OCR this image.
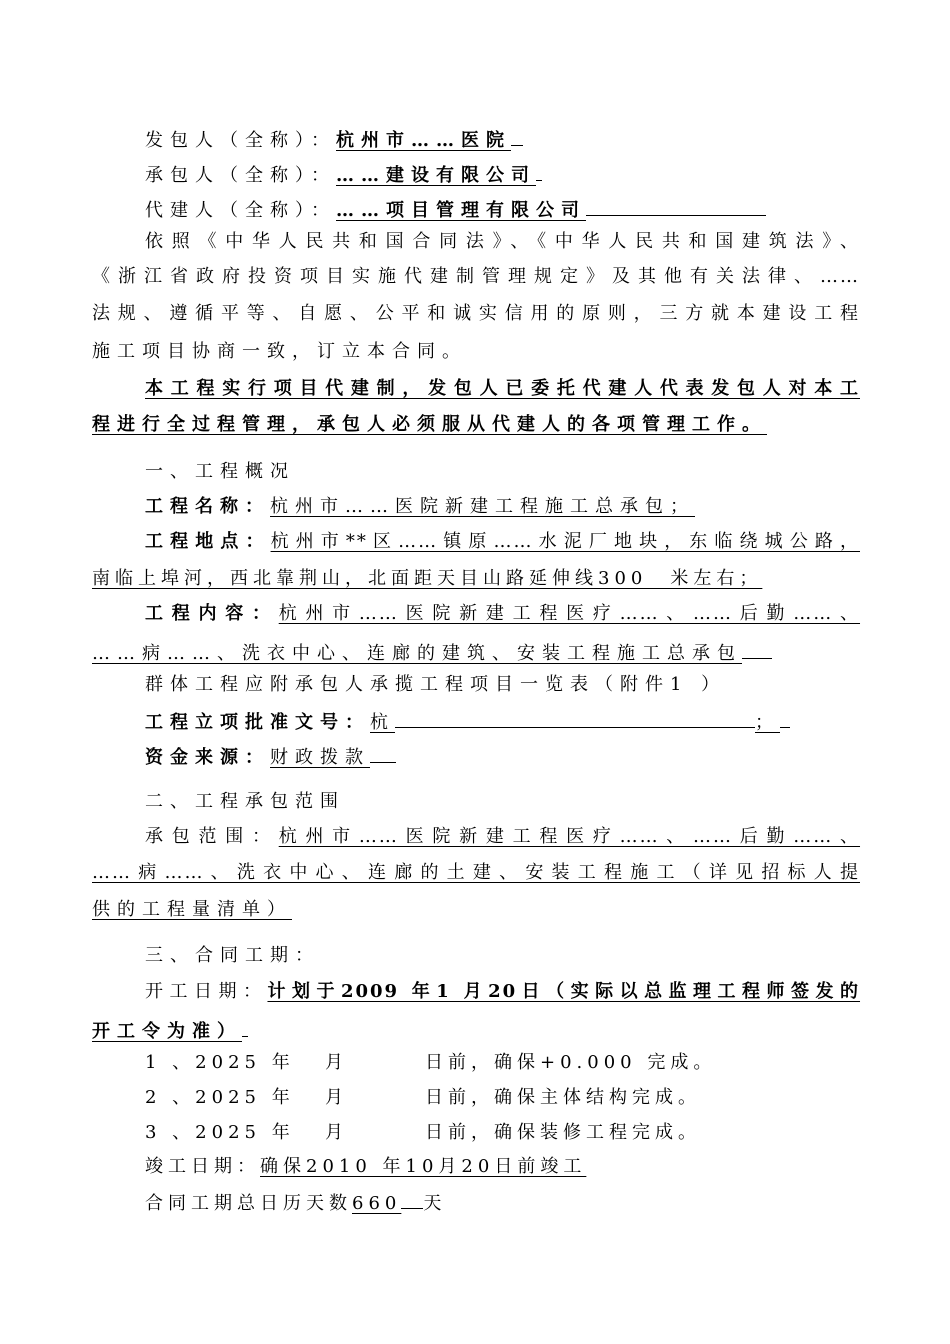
发包人（全称）：杭州市……医院
承包人（全称）：……建设有限公司
代建人（全称）：……项目管理有限公司
依照《中华人民共和国合同法》、《中华人民共和国建筑法》、
《浙江省政府投资项目实施代建制管理规定》及其他有关法律、……
法规、遵循平等、自愿、公平和诚实信用的原则，三方就本建设工程
施工项目协商一致，订立本合同。
本工程实行项目代建制，发包人已委托代建人代表发包人对本工
程进行全过程管理，承包人必须服从代建人的各项管理工作。
一、工程概况
工程名称：杭州市……医院新建工程施工总承包；
工程地点：杭州市**区……镇原……水泥厂地块，东临绕城公路，
南临上埠河，西北靠荆山，北面距天目山路延伸线300　米左右；
工程内容：杭州市……医院新建工程医疗……、……后勤……、
……病……、洗衣中心、连廊的建筑、安装工程施工总承包
群体工程应附承包人承揽工程项目一览表（附件1 ）
工程立项批准文号：杭	；
资金来源：财政拨款
二、工程承包范围
承包范围：杭州市……医院新建工程医疗……、……后勤……、
……病……、洗衣中心、连廊的土建、安装工程施工（详见招标人提
供的工程量清单）
三、合同工期：
开工日期：计划于2009 年1 月20日（实际以总监理工程师签发的
开工令为准）
1 、2025 年 月	日前，确保+0.000 完成。
2 、2025 年 月	日前，确保主体结构完成。
3 、2025 年 月	日前，确保装修工程完成。
竣工日期：确保2010 年10月20日前竣工
合同工期总日历天数660 天
